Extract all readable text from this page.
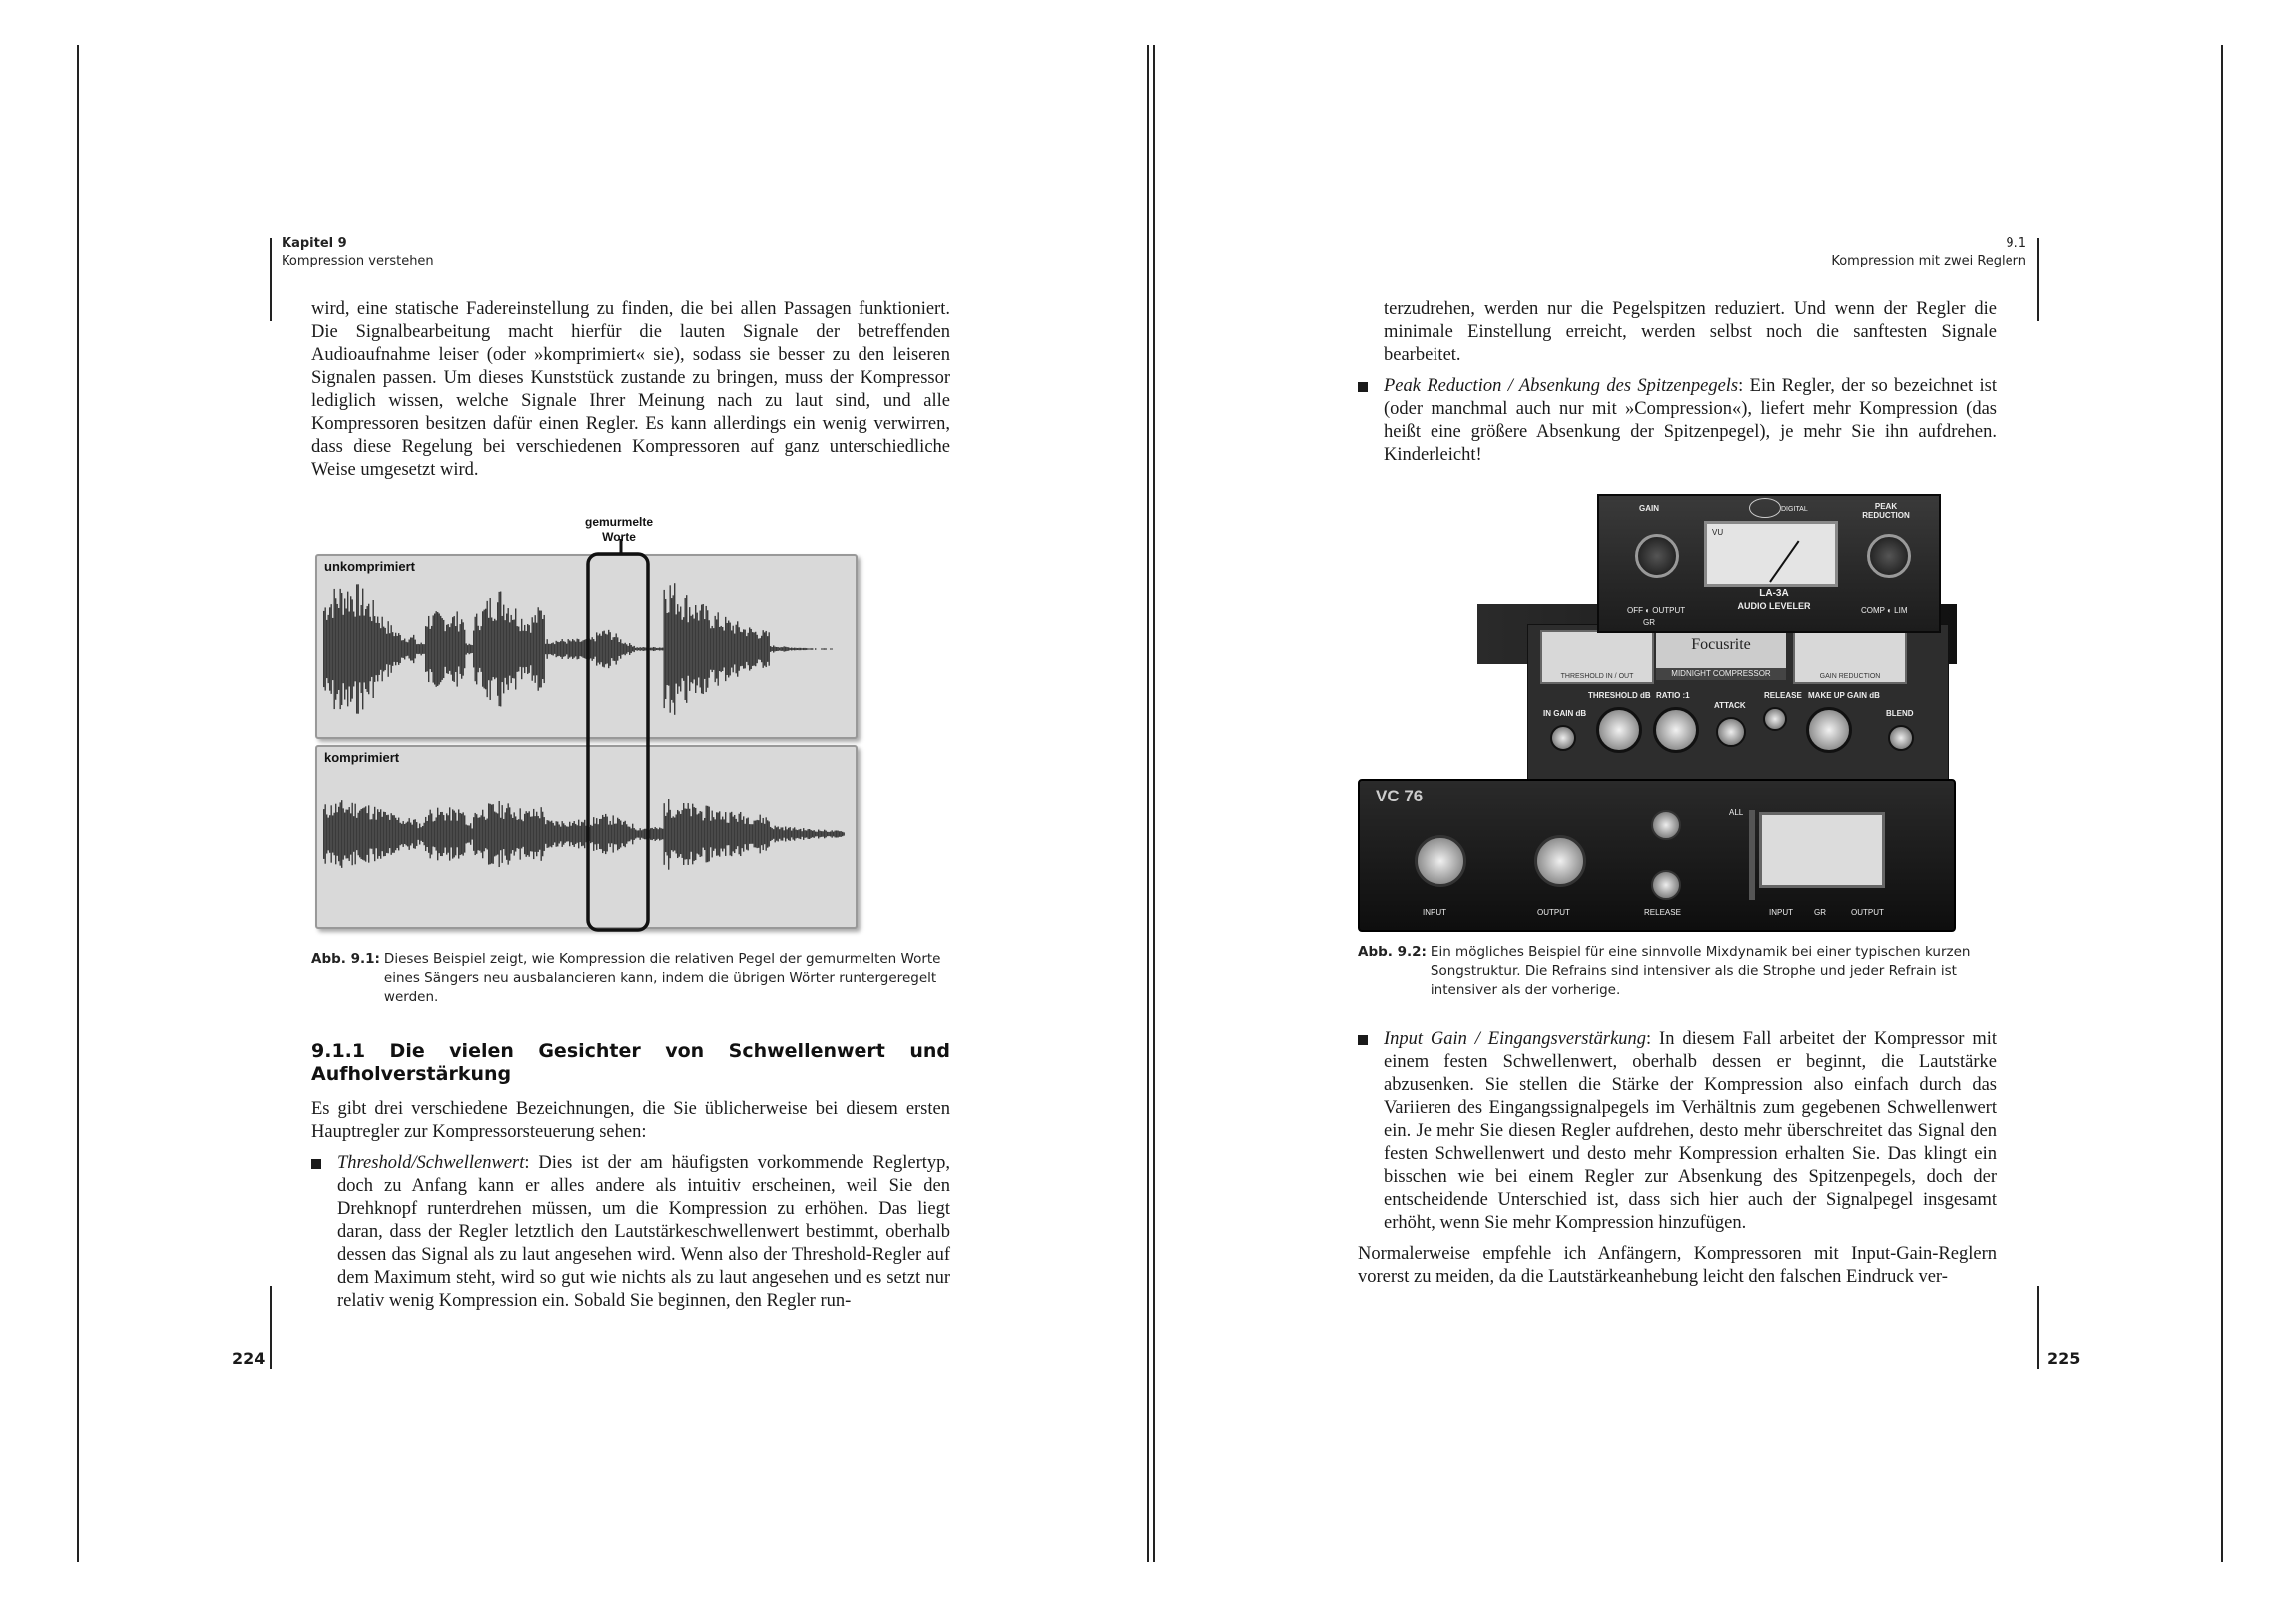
Kapitel 9
Kompression verstehen

wird, eine statische Fadereinstellung zu finden, die bei allen Passagen funktioniert. Die Signalbearbeitung macht hierfür die lauten Signale der betreffenden Audioaufnahme leiser (oder »komprimiert« sie), sodass sie besser zu den leiseren Signalen passen. Um dieses Kunststück zustande zu bringen, muss der Kompressor lediglich wissen, welche Signale Ihrer Meinung nach zu laut sind, und alle Kompressoren besitzen dafür einen Regler. Es kann allerdings ein wenig verwirren, dass diese Regelung bei verschiedenen Kompressoren auf ganz unterschiedliche Weise umgesetzt wird.

gemurmelte Worte
unkomprimiert
komprimiert
Abb. 9.1: Dieses Beispiel zeigt, wie Kompression die relativen Pegel der gemurmelten Worte eines Sängers neu ausbalancieren kann, indem die übrigen Wörter runtergeregelt werden.
9.1.1 Die vielen Gesichter von Schwellenwert und Aufholverstärkung

Es gibt drei verschiedene Bezeichnungen, die Sie üblicherweise bei diesem ersten Hauptregler zur Kompressorsteuerung sehen:

Threshold/Schwellenwert: Dies ist der am häufigsten vorkommende Reglertyp, doch zu Anfang kann er alles andere als intuitiv erscheinen, weil Sie den Drehknopf runterdrehen müssen, um die Kompression zu erhöhen. Das liegt daran, dass der Regler letztlich den Lautstärkeschwellenwert bestimmt, oberhalb dessen das Signal als zu laut angesehen wird. Wenn also der Threshold-Regler auf dem Maximum steht, wird so gut wie nichts als zu laut angesehen und es setzt nur relativ wenig Kompression ein. Sobald Sie beginnen, den Regler run-
224
9.1
Kompression mit zwei Reglern

terzudrehen, werden nur die Pegelspitzen reduziert. Und wenn der Regler die minimale Einstellung erreicht, werden selbst noch die sanftesten Signale bearbeitet.

Peak Reduction / Absenkung des Spitzenpegels: Ein Regler, der so bezeichnet ist (oder manchmal auch nur mit »Compression«), liefert mehr Kompression (das heißt eine größere Absenkung der Spitzenpegel), je mehr Sie ihn aufdrehen. Kinderleicht!
THRESHOLD IN / OUT
Focusrite
MIDNIGHT COMPRESSOR	GAIN REDUCTION
THRESHOLD dB RATIO :1
ATTACK
RELEASE MAKE UP GAIN dB
IN GAIN dB	BLEND
GAIN	PEAK REDUCTION
VU
DIGITAL
LA-3A
AUDIO LEVELER
OFF ◐ OUTPUT
GR
COMP ◐ LIM
VC 76
INPUT	OUTPUT	RELEASE
ALL
INPUT	GR	OUTPUT
Abb. 9.2: Ein mögliches Beispiel für eine sinnvolle Mixdynamik bei einer typischen kurzen Songstruktur. Die Refrains sind intensiver als die Strophe und jeder Refrain ist intensiver als der vorherige.
Input Gain / Eingangsverstärkung: In diesem Fall arbeitet der Kompressor mit einem festen Schwellenwert, oberhalb dessen er beginnt, die Lautstärke abzusenken. Sie stellen die Stärke der Kompression also einfach durch das Variieren des Eingangssignalpegels im Verhältnis zum gegebenen Schwellenwert ein. Je mehr Sie diesen Regler aufdrehen, desto mehr überschreitet das Signal den festen Schwellenwert und desto mehr Kompression erhalten Sie. Das klingt ein bisschen wie bei einem Regler zur Absenkung des Spitzenpegels, doch der entscheidende Unterschied ist, dass sich hier auch der Signalpegel insgesamt erhöht, wenn Sie mehr Kompression hinzufügen.

Normalerweise empfehle ich Anfängern, Kompressoren mit Input-Gain-Reglern vorerst zu meiden, da die Lautstärkeanhebung leicht den falschen Eindruck ver-

225
